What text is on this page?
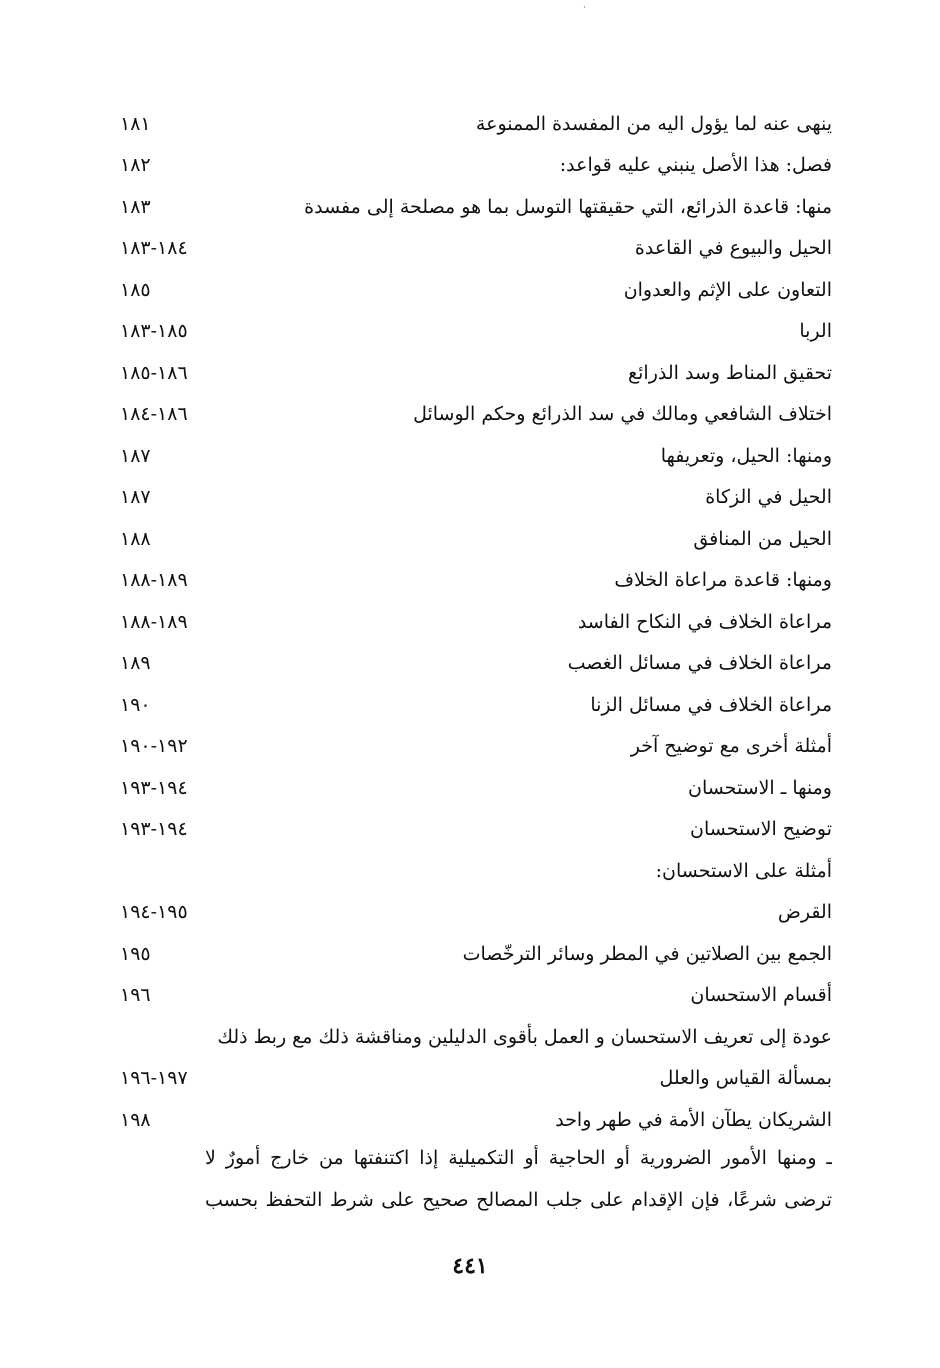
˙
ينهى عنه لما يؤول اليه من المفسدة الممنوعة
١٨١
فصل: هذا الأصل ينبني عليه قواعد:
١٨٢
منها: قاعدة الذرائع، التي حقيقتها التوسل بما هو مصلحة إلى مفسدة
١٨٣
الحيل والبيوع في القاعدة
١٨٤-١٨٣
التعاون على الإثم والعدوان
١٨٥
الربا
١٨٥-١٨٣
تحقيق المناط وسد الذرائع
١٨٦-١٨٥
اختلاف الشافعي ومالك في سد الذرائع وحكم الوسائل
١٨٦-١٨٤
ومنها: الحيل، وتعريفها
١٨٧
الحيل في الزكاة
١٨٧
الحيل من المنافق
١٨٨
ومنها: قاعدة مراعاة الخلاف
١٨٩-١٨٨
مراعاة الخلاف في النكاح الفاسد
١٨٩-١٨٨
مراعاة الخلاف في مسائل الغصب
١٨٩
مراعاة الخلاف في مسائل الزنا
١٩٠
أمثلة أخرى مع توضيح آخر
١٩٢-١٩٠
ومنها ـ الاستحسان
١٩٤-١٩٣
توضيح الاستحسان
١٩٤-١٩٣
أمثلة على الاستحسان:
القرض
١٩٥-١٩٤
الجمع بين الصلاتين في المطر وسائر الترخّصات
١٩٥
أقسام الاستحسان
١٩٦
عودة إلى تعريف الاستحسان و العمل بأقوى الدليلين ومناقشة ذلك مع ربط ذلك
بمسألة القياس والعلل
١٩٧-١٩٦
الشريكان يطآن الأمة في طهر واحد
١٩٨
ـ ومنها الأمور الضرورية أو الحاجية أو التكميلية إذا اكتنفتها من خارج أمورٌ لا
ترضى شرعًا، فإن الإقدام على جلب المصالح صحيح على شرط التحفظ بحسب
٤٤١
